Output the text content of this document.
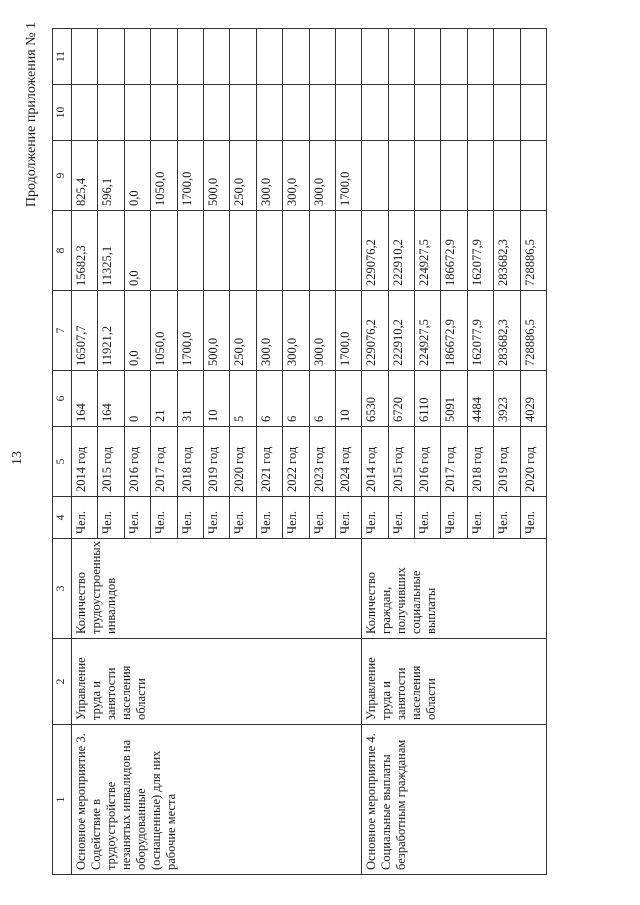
13
Продолжение приложения № 1
1	2	3	4	5	6	7	8	9	10	11
Основное мероприятие 3. Содействие в трудоустройстве незанятых инвалидов на оборудованные (оснащенные) для них рабочие места	Управление труда и занятости населения области	Количество трудоустроенных инвалидов	Чел.	2014 год	164	16507,7	15682,3	825,4		
			Чел.	2015 год	164	11921,2	11325,1	596,1		
			Чел.	2016 год	0	0,0	0,0	0,0		
			Чел.	2017 год	21	1050,0		1050,0		
			Чел.	2018 год	31	1700,0		1700,0		
			Чел.	2019 год	10	500,0		500,0		
			Чел.	2020 год	5	250,0		250,0		
			Чел.	2021 год	6	300,0		300,0		
			Чел.	2022 год	6	300,0		300,0		
			Чел.	2023 год	6	300,0		300,0		
			Чел.	2024 год	10	1700,0		1700,0		
Основное мероприятие 4. Социальные выплаты безработным гражданам	Управление труда и занятости населения области	Количество граждан, получивших социальные выплаты	Чел.	2014 год	6530	229076,2	229076,2			
			Чел.	2015 год	6720	222910,2	222910,2			
			Чел.	2016 год	6110	224927,5	224927,5			
			Чел.	2017 год	5091	186672,9	186672,9			
			Чел.	2018 год	4484	162077,9	162077,9			
			Чел.	2019 год	3923	283682,3	283682,3			
			Чел.	2020 год	4029	728886,5	728886,5			
